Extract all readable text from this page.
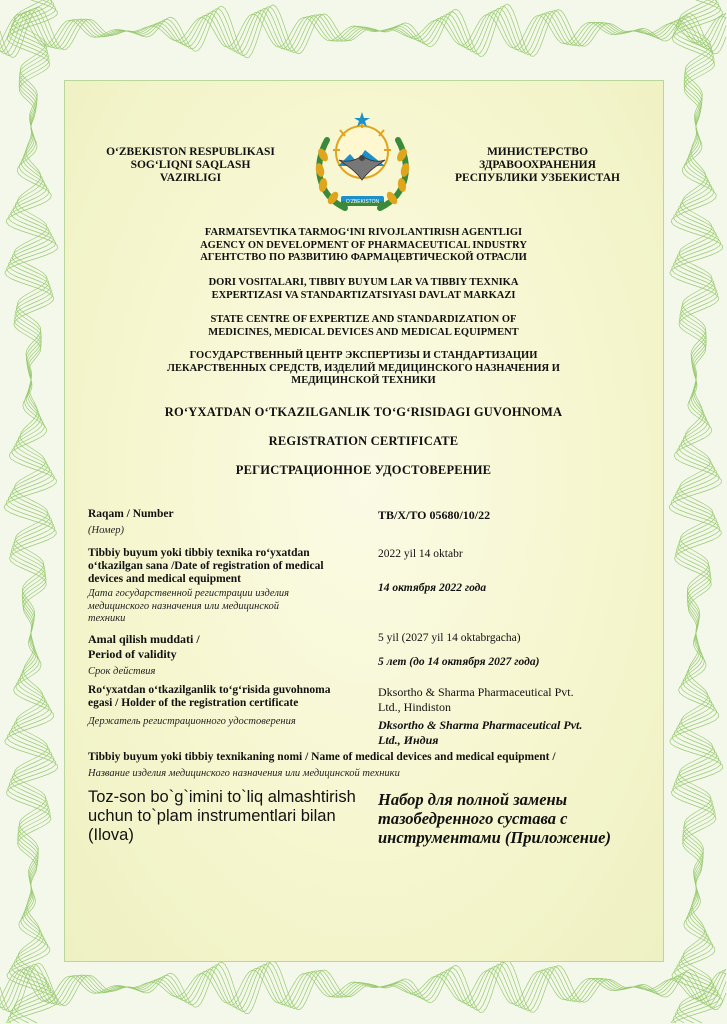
O‘ZBEKISTON RESPUBLIKASI
SOG‘LIQNI SAQLASH
VAZIRLIGI
O‘ZBEKISTON
МИНИСТЕРСТВО
ЗДРАВООХРАНЕНИЯ
РЕСПУБЛИКИ УЗБЕКИСТАН
FARMATSEVTIKA TARMOG‘INI RIVOJLANTIRISH AGENTLIGI
AGENCY ON DEVELOPMENT OF PHARMACEUTICAL INDUSTRY
АГЕНТСТВО ПО РАЗВИТИЮ ФАРМАЦЕВТИЧЕСКОЙ ОТРАСЛИ
DORI VOSITALARI, TIBBIY BUYUM LAR VA TIBBIY TEXNIKA
EXPERTIZASI VA STANDARTIZATSIYASI DAVLAT MARKAZI
STATE CENTRE OF EXPERTIZE AND STANDARDIZATION OF
MEDICINES, MEDICAL DEVICES AND MEDICAL EQUIPMENT
ГОСУДАРСТВЕННЫЙ ЦЕНТР ЭКСПЕРТИЗЫ И СТАНДАРТИЗАЦИИ
ЛЕКАРСТВЕННЫХ СРЕДСТВ, ИЗДЕЛИЙ МЕДИЦИНСКОГО НАЗНАЧЕНИЯ И
МЕДИЦИНСКОЙ ТЕХНИКИ
RO‘YXATDAN O‘TKAZILGANLIK TO‘G‘RISIDAGI GUVOHNOMA
REGISTRATION CERTIFICATE
РЕГИСТРАЦИОННОЕ УДОСТОВЕРЕНИЕ
Raqam / Number
(Номер)
TB/X/TO 05680/10/22
Tibbiy buyum yoki tibbiy texnika ro‘yxatdan
o‘tkazilgan sana /Date of registration of medical
devices and medical equipment
Дата государственной регистрации изделия
медицинского назначения или медицинской
техники
2022 yil 14 oktabr
14 октября 2022 года
Amal qilish muddati /
Period of validity
Срок действия
5 yil (2027 yil 14 oktabrgacha)
5 лет (до 14 октября 2027 года)
Ro‘yxatdan o‘tkazilganlik to‘g‘risida guvohnoma
egasi / Holder of the registration certificate
Держатель регистрационного удостоверения
Dksortho & Sharma Pharmaceutical Pvt.
Ltd., Hindiston
Dksortho & Sharma Pharmaceutical Pvt.
Ltd., Индия
Tibbiy buyum yoki tibbiy texnikaning nomi / Name of medical devices and medical equipment /
Название изделия медицинского назначения или медицинской техники
Toz-son bo`g`imini to`liq almashtirish
uchun to`plam instrumentlari bilan
(Ilova)
Набор для полной замены
тазобедренного сустава с
инструментами (Приложение)
